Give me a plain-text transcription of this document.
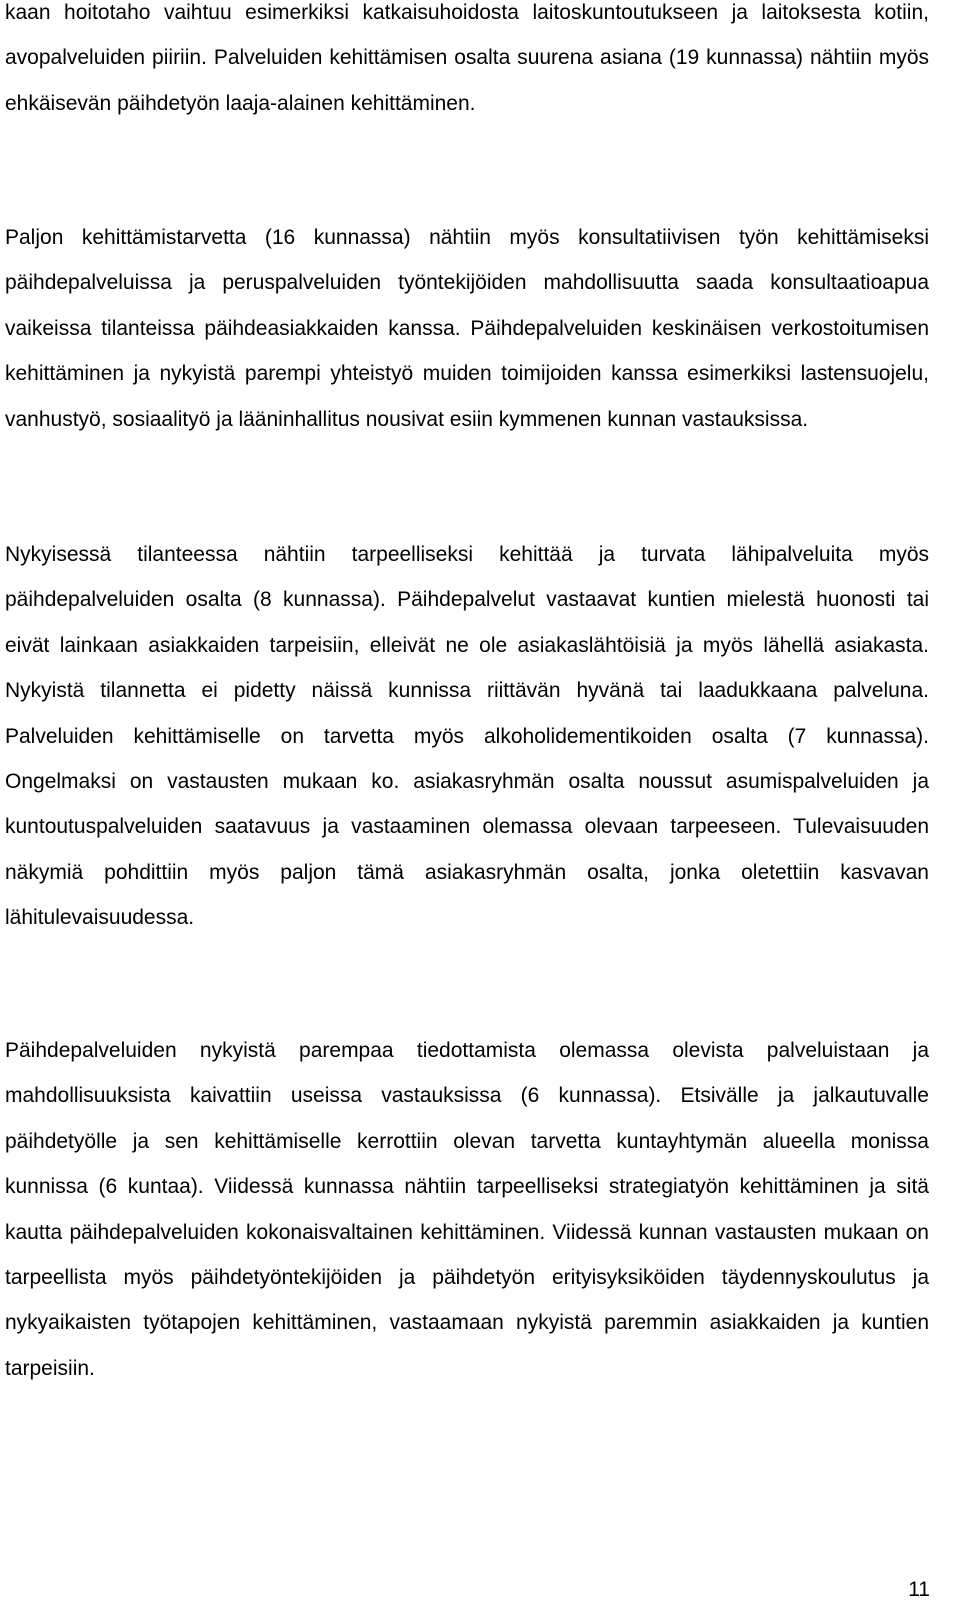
kaan hoitotaho vaihtuu esimerkiksi katkaisuhoidosta laitoskuntoutukseen ja laitoksesta kotiin, avopalveluiden piiriin. Palveluiden kehittämisen osalta suurena asiana (19 kunnassa) nähtiin myös ehkäisevän päihdetyön laaja-alainen kehittäminen.

Paljon kehittämistarvetta (16 kunnassa) nähtiin myös konsultatiivisen työn kehittämiseksi päihdepalveluissa ja peruspalveluiden työntekijöiden mahdollisuutta saada konsultaatioapua vaikeissa tilanteissa päihdeasiakkaiden kanssa. Päihdepalveluiden keskinäisen verkostoitumisen kehittäminen ja nykyistä parempi yhteistyö muiden toimijoiden kanssa esimerkiksi lastensuojelu, vanhustyö, sosiaalityö ja lääninhallitus nousivat esiin kymmenen kunnan vastauksissa.

Nykyisessä tilanteessa nähtiin tarpeelliseksi kehittää ja turvata lähipalveluita myös päihdepalveluiden osalta (8 kunnassa). Päihdepalvelut vastaavat kuntien mielestä huonosti tai eivät lainkaan asiakkaiden tarpeisiin, elleivät ne ole asiakaslähtöisiä ja myös lähellä asiakasta. Nykyistä tilannetta ei pidetty näissä kunnissa riittävän hyvänä tai laadukkaana palveluna. Palveluiden kehittämiselle on tarvetta myös alkoholidementikoiden osalta (7 kunnassa). Ongelmaksi on vastausten mukaan ko. asiakasryhmän osalta noussut asumispalveluiden ja kuntoutuspalveluiden saatavuus ja vastaaminen olemassa olevaan tarpeeseen. Tulevaisuuden näkymiä pohdittiin myös paljon tämä asiakasryhmän osalta, jonka oletettiin kasvavan lähitulevaisuudessa.

Päihdepalveluiden nykyistä parempaa tiedottamista olemassa olevista palveluistaan ja mahdollisuuksista kaivattiin useissa vastauksissa (6 kunnassa). Etsivälle ja jalkautuvalle päihdetyölle ja sen kehittämiselle kerrottiin olevan tarvetta kuntayhtymän alueella monissa kunnissa (6 kuntaa). Viidessä kunnassa nähtiin tarpeelliseksi strategiatyön kehittäminen ja sitä kautta päihdepalveluiden kokonaisvaltainen kehittäminen. Viidessä kunnan vastausten mukaan on tarpeellista myös päihdetyöntekijöiden ja päihdetyön erityisyksiköiden täydennyskoulutus ja nykyaikaisten työtapojen kehittäminen, vastaamaan nykyistä paremmin asiakkaiden ja kuntien tarpeisiin.

11
